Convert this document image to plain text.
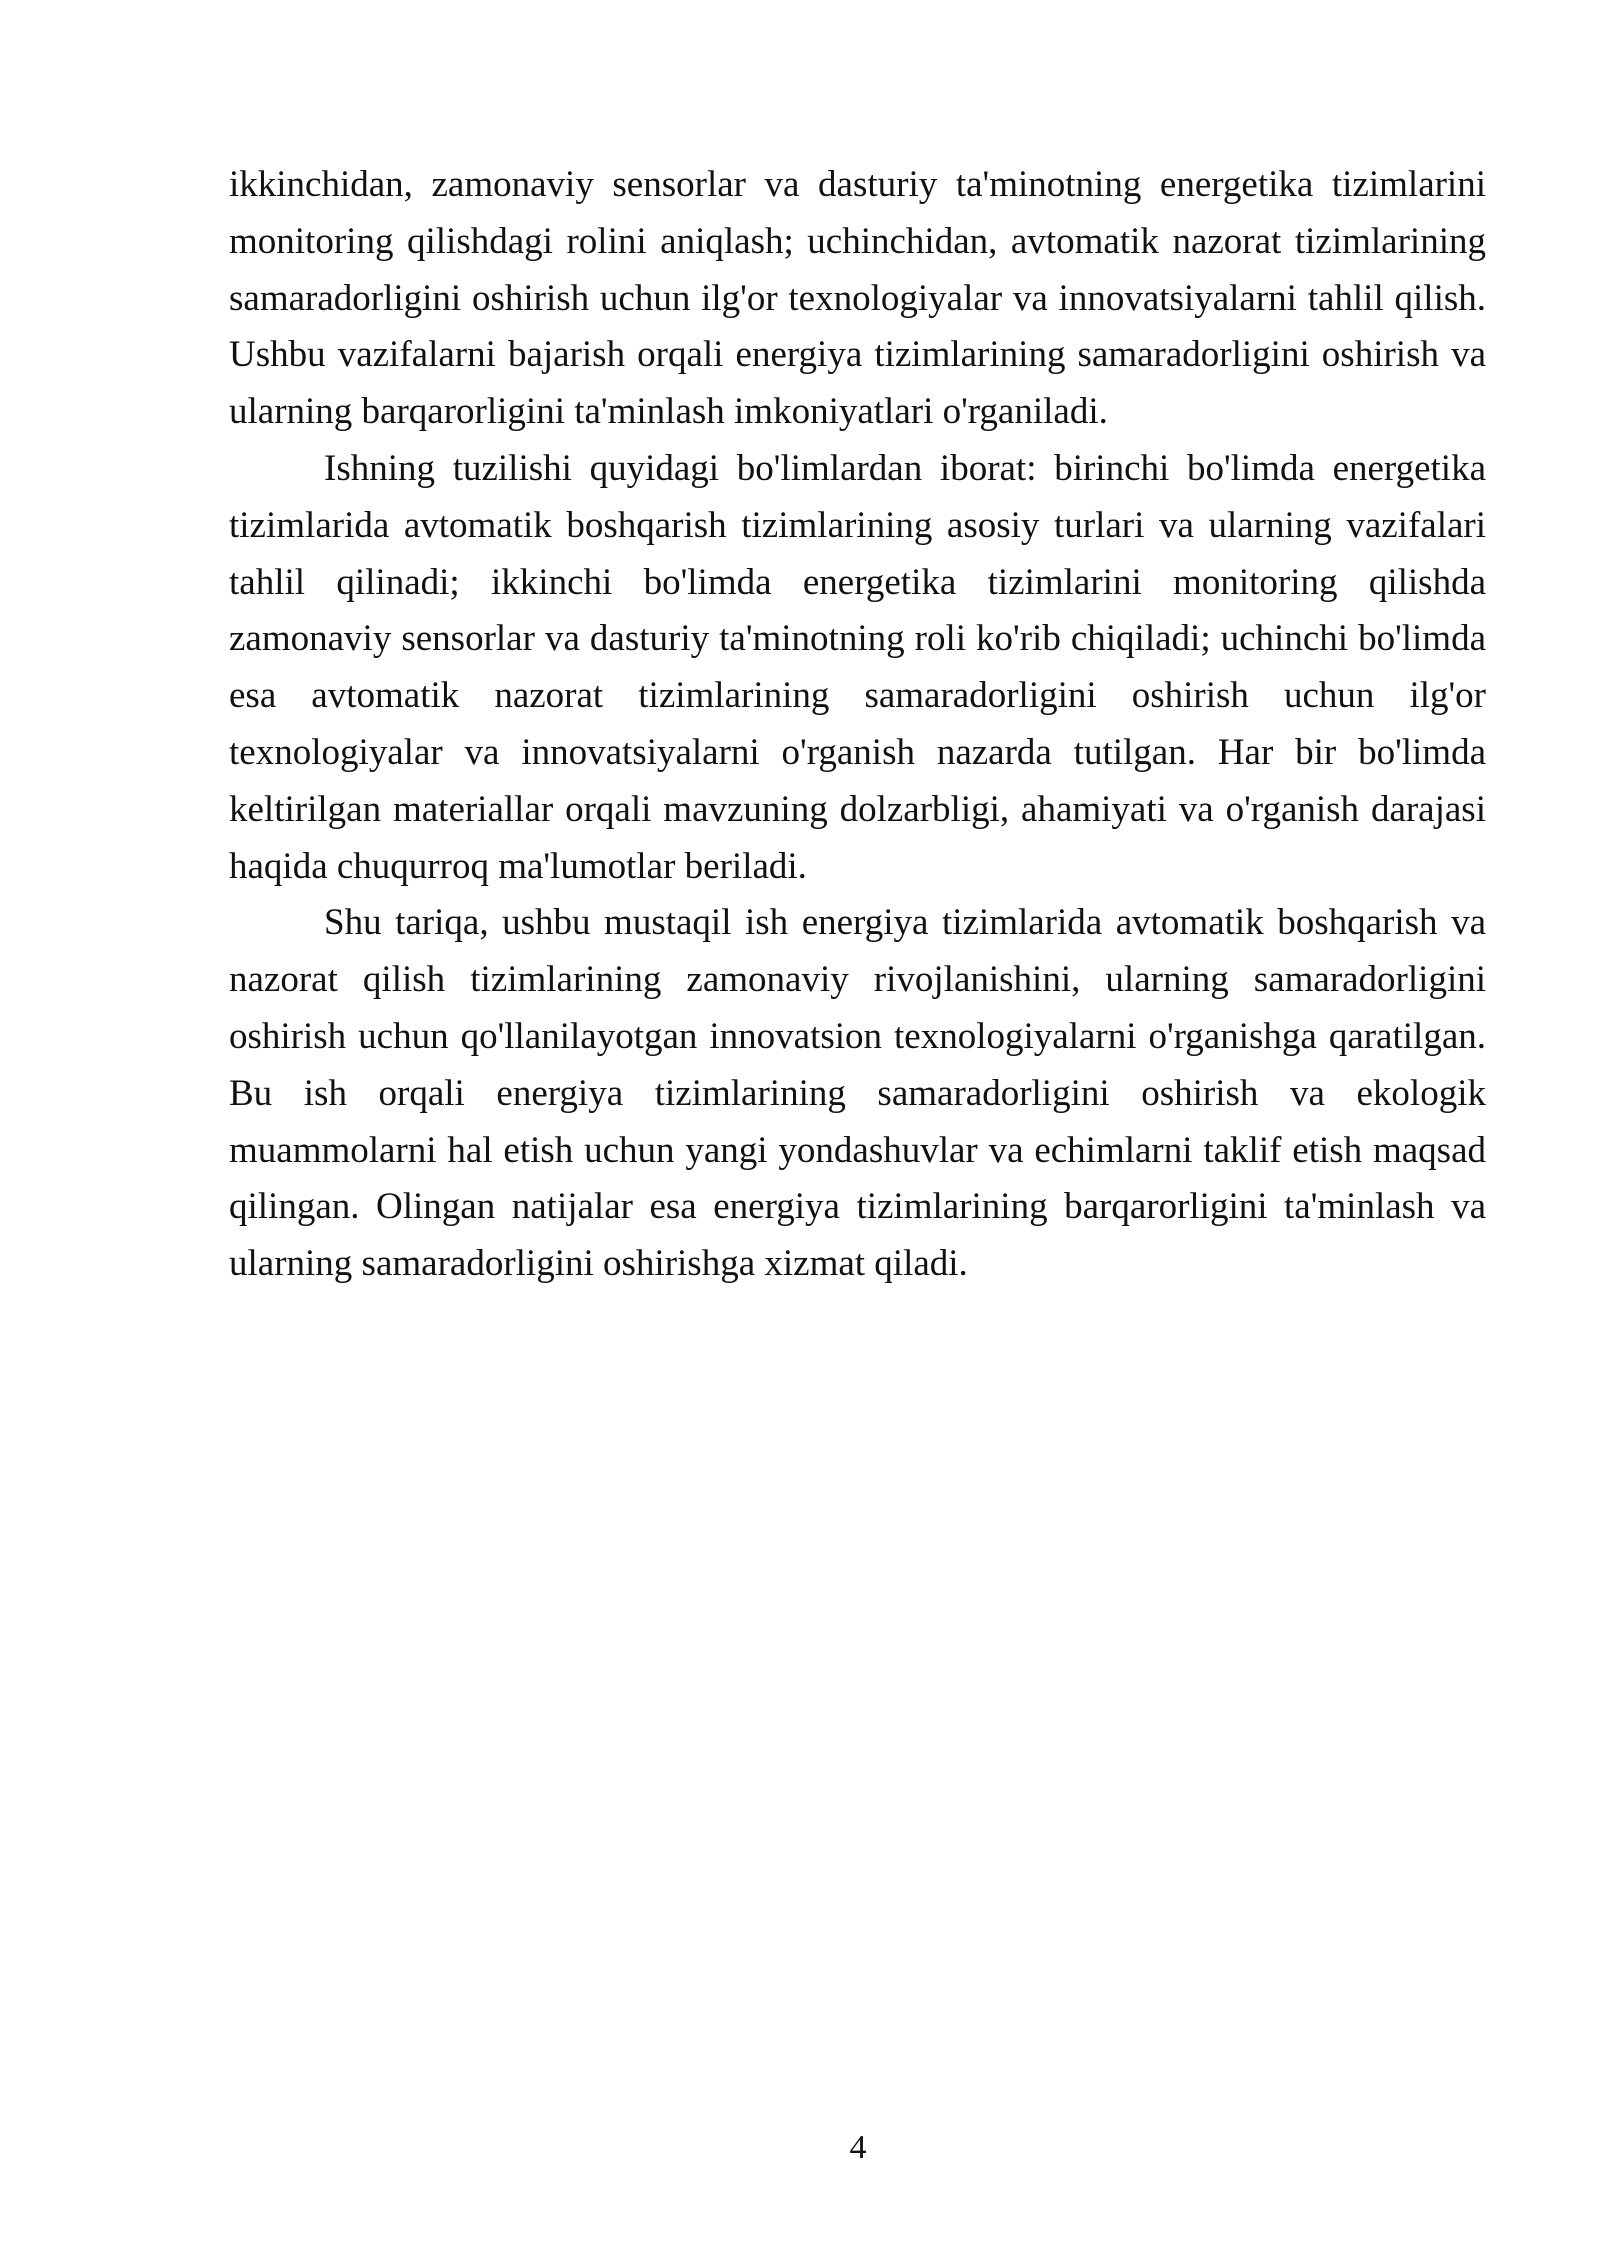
ikkinchidan, zamonaviy sensorlar va dasturiy ta'minotning energetika tizimlarini monitoring qilishdagi rolini aniqlash; uchinchidan, avtomatik nazorat tizimlarining samaradorligini oshirish uchun ilg'or texnologiyalar va innovatsiyalarni tahlil qilish. Ushbu vazifalarni bajarish orqali energiya tizimlarining samaradorligini oshirish va ularning barqarorligini ta'minlash imkoniyatlari o'rganiladi.

Ishning tuzilishi quyidagi bo'limlardan iborat: birinchi bo'limda energetika tizimlarida avtomatik boshqarish tizimlarining asosiy turlari va ularning vazifalari tahlil qilinadi; ikkinchi bo'limda energetika tizimlarini monitoring qilishda zamonaviy sensorlar va dasturiy ta'minotning roli ko'rib chiqiladi; uchinchi bo'limda esa avtomatik nazorat tizimlarining samaradorligini oshirish uchun ilg'or texnologiyalar va innovatsiyalarni o'rganish nazarda tutilgan. Har bir bo'limda keltirilgan materiallar orqali mavzuning dolzarbligi, ahamiyati va o'rganish darajasi haqida chuqurroq ma'lumotlar beriladi.

Shu tariqa, ushbu mustaqil ish energiya tizimlarida avtomatik boshqarish va nazorat qilish tizimlarining zamonaviy rivojlanishini, ularning samaradorligini oshirish uchun qo'llanilayotgan innovatsion texnologiyalarni o'rganishga qaratilgan. Bu ish orqali energiya tizimlarining samaradorligini oshirish va ekologik muammolarni hal etish uchun yangi yondashuvlar va echimlarni taklif etish maqsad qilingan. Olingan natijalar esa energiya tizimlarining barqarorligini ta'minlash va ularning samaradorligini oshirishga xizmat qiladi.

4
